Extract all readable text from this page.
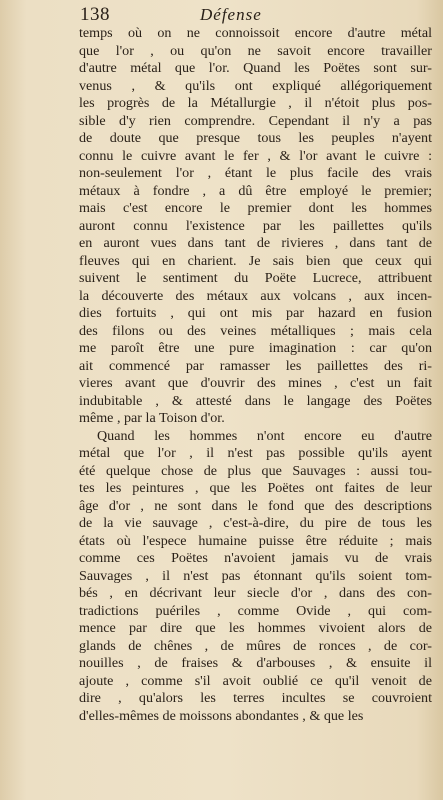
138	Défense
temps où on ne connoissoit encore d'autre métal
que l'or , ou qu'on ne savoit encore travailler
d'autre métal que l'or. Quand les Poëtes sont sur-
venus , & qu'ils ont expliqué allégoriquement
les progrès de la Métallurgie , il n'étoit plus pos-
sible d'y rien comprendre. Cependant il n'y a pas
de doute que presque tous les peuples n'ayent
connu le cuivre avant le fer , & l'or avant le cuivre :
non-seulement l'or , étant le plus facile des vrais
métaux à fondre , a dû être employé le premier;
mais c'est encore le premier dont les hommes
auront connu l'existence par les paillettes qu'ils
en auront vues dans tant de rivieres , dans tant de
fleuves qui en charient. Je sais bien que ceux qui
suivent le sentiment du Poëte Lucrece, attribuent
la découverte des métaux aux volcans , aux incen-
dies fortuits , qui ont mis par hazard en fusion
des filons ou des veines métalliques ; mais cela
me paroît être une pure imagination : car qu'on
ait commencé par ramasser les paillettes des ri-
vieres avant que d'ouvrir des mines , c'est un fait
indubitable , & attesté dans le langage des Poëtes
même , par la Toison d'or.
Quand les hommes n'ont encore eu d'autre
métal que l'or , il n'est pas possible qu'ils ayent
été quelque chose de plus que Sauvages : aussi tou-
tes les peintures , que les Poëtes ont faites de leur
âge d'or , ne sont dans le fond que des descriptions
de la vie sauvage , c'est-à-dire, du pire de tous les
états où l'espece humaine puisse être réduite ; mais
comme ces Poëtes n'avoient jamais vu de vrais
Sauvages , il n'est pas étonnant qu'ils soient tom-
bés , en décrivant leur siecle d'or , dans des con-
tradictions puériles , comme Ovide , qui com-
mence par dire que les hommes vivoient alors de
glands de chênes , de mûres de ronces , de cor-
nouilles , de fraises & d'arbouses , & ensuite il
ajoute , comme s'il avoit oublié ce qu'il venoit de
dire , qu'alors les terres incultes se couvroient
d'elles-mêmes de moissons abondantes , & que les
